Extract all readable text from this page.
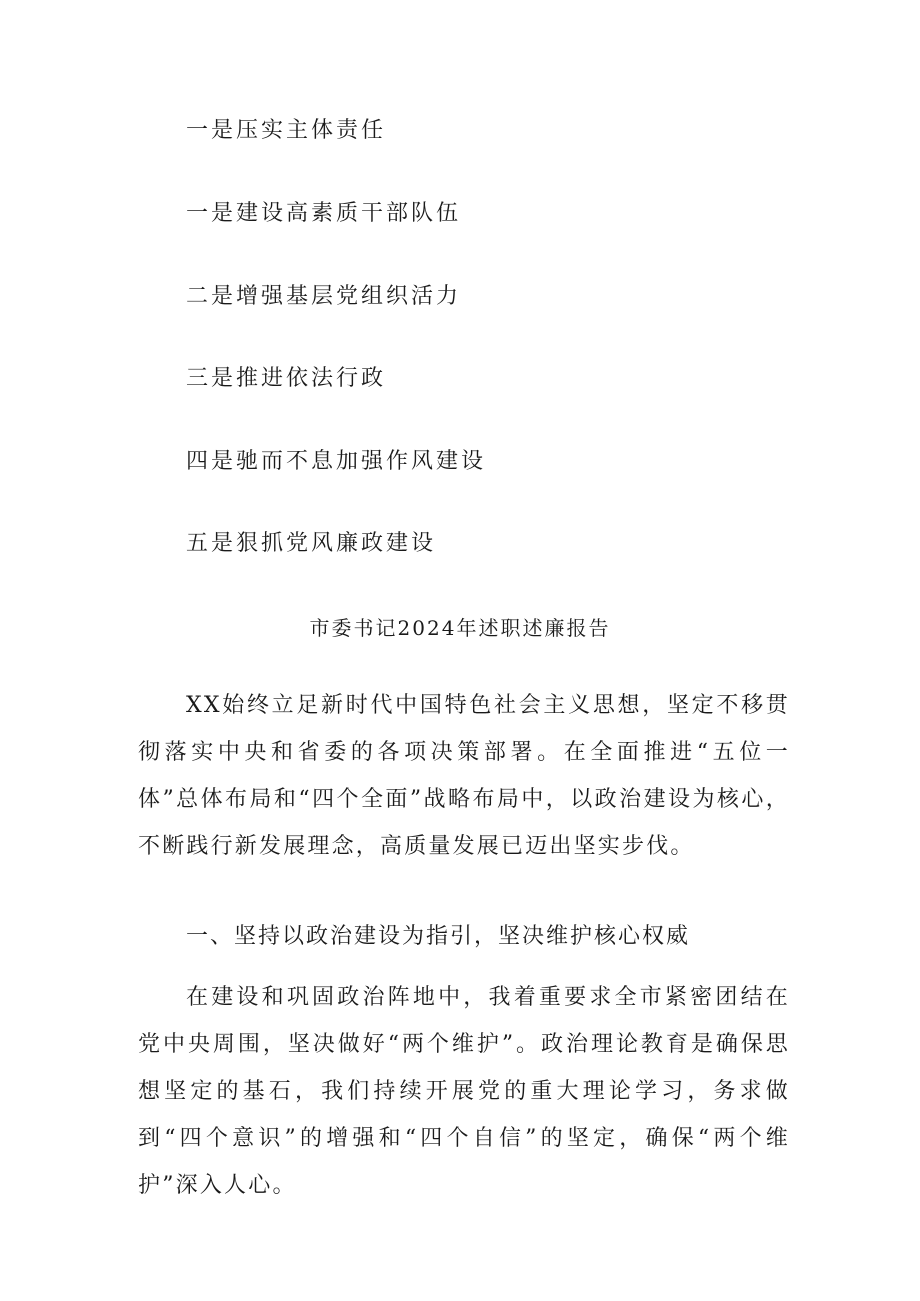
一是压实主体责任
一是建设高素质干部队伍
二是增强基层党组织活力
三是推进依法行政
四是驰而不息加强作风建设
五是狠抓党风廉政建设
市委书记2024年述职述廉报告
XX始终立足新时代中国特色社会主义思想，坚定不移贯彻落实中央和省委的各项决策部署。在全面推进“五位一体”总体布局和“四个全面”战略布局中，以政治建设为核心，不断践行新发展理念，高质量发展已迈出坚实步伐。
一、坚持以政治建设为指引，坚决维护核心权威
在建设和巩固政治阵地中，我着重要求全市紧密团结在党中央周围，坚决做好“两个维护”。政治理论教育是确保思想坚定的基石，我们持续开展党的重大理论学习，务求做到“四个意识”的增强和“四个自信”的坚定，确保“两个维护”深入人心。
